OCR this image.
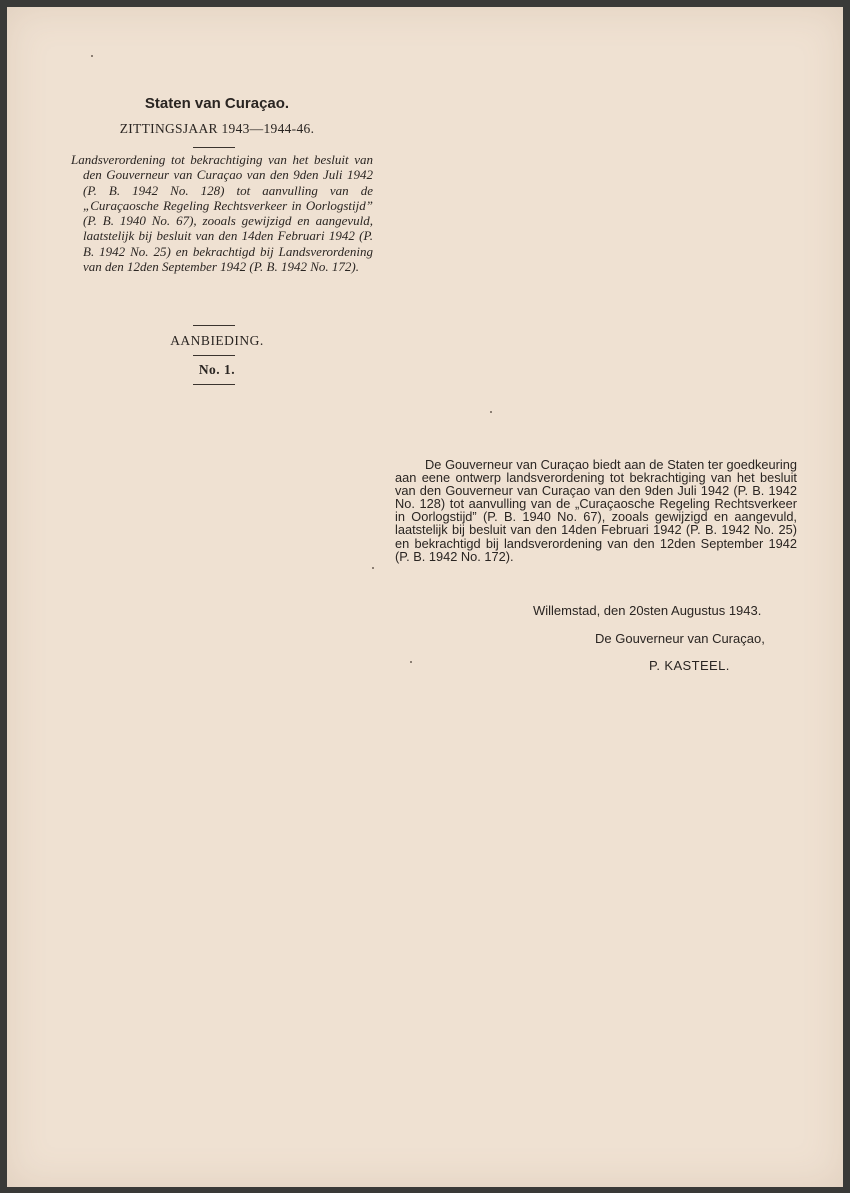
Staten van Curaçao.
ZITTINGSJAAR 1943—1944-46.
Landsverordening tot bekrachtiging van het besluit van den Gouverneur van Curaçao van den 9den Juli 1942 (P. B. 1942 No. 128) tot aanvulling van de „Curaçaosche Regeling Rechtsverkeer in Oorlogstijd” (P. B. 1940 No. 67), zooals gewijzigd en aangevuld, laatstelijk bij besluit van den 14den Februari 1942 (P. B. 1942 No. 25) en bekrachtigd bij Landsverordening van den 12den September 1942 (P. B. 1942 No. 172).
AANBIEDING.
No. 1.
De Gouverneur van Curaçao biedt aan de Staten ter goedkeuring aan eene ontwerp landsverordening tot bekrachtiging van het besluit van den Gouverneur van Curaçao van den 9den Juli 1942 (P. B. 1942 No. 128) tot aanvulling van de „Curaçaosche Regeling Rechtsverkeer in Oorlogstijd” (P. B. 1940 No. 67), zooals gewijzigd en aangevuld, laatstelijk bij besluit van den 14den Februari 1942 (P. B. 1942 No. 25) en bekrachtigd bij landsverordening van den 12den September 1942 (P. B. 1942 No. 172).
Willemstad, den 20sten Augustus 1943.
De Gouverneur van Curaçao,
P. KASTEEL.
